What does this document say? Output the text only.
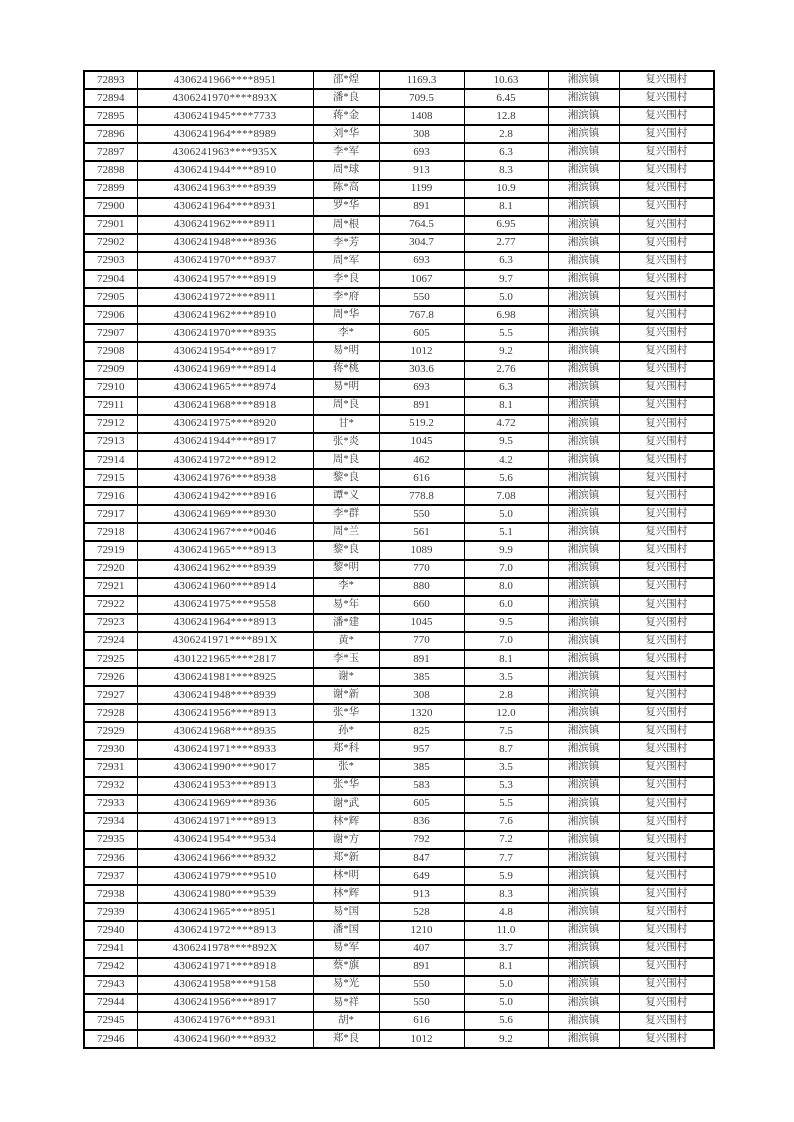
72893	4306241966****8951	邵*煌	1169.3	10.63	湘滨镇	复兴围村
72894	4306241970****893X	潘*良	709.5	6.45	湘滨镇	复兴围村
72895	4306241945****7733	蒋*金	1408	12.8	湘滨镇	复兴围村
72896	4306241964****8989	刘*华	308	2.8	湘滨镇	复兴围村
72897	4306241963****935X	李*军	693	6.3	湘滨镇	复兴围村
72898	4306241944****8910	周*球	913	8.3	湘滨镇	复兴围村
72899	4306241963****8939	陈*高	1199	10.9	湘滨镇	复兴围村
72900	4306241964****8931	罗*华	891	8.1	湘滨镇	复兴围村
72901	4306241962****8911	周*根	764.5	6.95	湘滨镇	复兴围村
72902	4306241948****8936	李*芳	304.7	2.77	湘滨镇	复兴围村
72903	4306241970****8937	周*军	693	6.3	湘滨镇	复兴围村
72904	4306241957****8919	李*良	1067	9.7	湘滨镇	复兴围村
72905	4306241972****8911	李*府	550	5.0	湘滨镇	复兴围村
72906	4306241962****8910	周*华	767.8	6.98	湘滨镇	复兴围村
72907	4306241970****8935	李*	605	5.5	湘滨镇	复兴围村
72908	4306241954****8917	易*明	1012	9.2	湘滨镇	复兴围村
72909	4306241969****8914	蒋*桃	303.6	2.76	湘滨镇	复兴围村
72910	4306241965****8974	易*明	693	6.3	湘滨镇	复兴围村
72911	4306241968****8918	周*良	891	8.1	湘滨镇	复兴围村
72912	4306241975****8920	甘*	519.2	4.72	湘滨镇	复兴围村
72913	4306241944****8917	张*炎	1045	9.5	湘滨镇	复兴围村
72914	4306241972****8912	周*良	462	4.2	湘滨镇	复兴围村
72915	4306241976****8938	黎*良	616	5.6	湘滨镇	复兴围村
72916	4306241942****8916	谭*义	778.8	7.08	湘滨镇	复兴围村
72917	4306241969****8930	李*群	550	5.0	湘滨镇	复兴围村
72918	4306241967****0046	周*兰	561	5.1	湘滨镇	复兴围村
72919	4306241965****8913	黎*良	1089	9.9	湘滨镇	复兴围村
72920	4306241962****8939	黎*明	770	7.0	湘滨镇	复兴围村
72921	4306241960****8914	李*	880	8.0	湘滨镇	复兴围村
72922	4306241975****9558	易*年	660	6.0	湘滨镇	复兴围村
72923	4306241964****8913	潘*建	1045	9.5	湘滨镇	复兴围村
72924	4306241971****891X	黄*	770	7.0	湘滨镇	复兴围村
72925	4301221965****2817	李*玉	891	8.1	湘滨镇	复兴围村
72926	4306241981****8925	谢*	385	3.5	湘滨镇	复兴围村
72927	4306241948****8939	谢*新	308	2.8	湘滨镇	复兴围村
72928	4306241956****8913	张*华	1320	12.0	湘滨镇	复兴围村
72929	4306241968****8935	孙*	825	7.5	湘滨镇	复兴围村
72930	4306241971****8933	郑*科	957	8.7	湘滨镇	复兴围村
72931	4306241990****9017	张*	385	3.5	湘滨镇	复兴围村
72932	4306241953****8913	张*华	583	5.3	湘滨镇	复兴围村
72933	4306241969****8936	谢*武	605	5.5	湘滨镇	复兴围村
72934	4306241971****8913	林*辉	836	7.6	湘滨镇	复兴围村
72935	4306241954****9534	谢*方	792	7.2	湘滨镇	复兴围村
72936	4306241966****8932	郑*新	847	7.7	湘滨镇	复兴围村
72937	4306241979****9510	林*明	649	5.9	湘滨镇	复兴围村
72938	4306241980****9539	林*辉	913	8.3	湘滨镇	复兴围村
72939	4306241965****8951	易*国	528	4.8	湘滨镇	复兴围村
72940	4306241972****8913	潘*国	1210	11.0	湘滨镇	复兴围村
72941	4306241978****892X	易*军	407	3.7	湘滨镇	复兴围村
72942	4306241971****8918	蔡*旗	891	8.1	湘滨镇	复兴围村
72943	4306241958****9158	易*光	550	5.0	湘滨镇	复兴围村
72944	4306241956****8917	易*祥	550	5.0	湘滨镇	复兴围村
72945	4306241976****8931	胡*	616	5.6	湘滨镇	复兴围村
72946	4306241960****8932	郑*良	1012	9.2	湘滨镇	复兴围村
